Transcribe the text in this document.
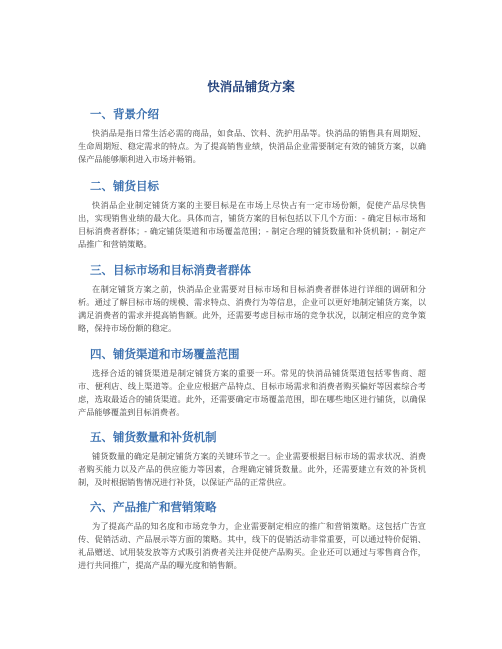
快消品铺货方案
一、背景介绍

快消品是指日常生活必需的商品，如食品、饮料、洗护用品等。快消品的销售具有周期短、生命周期短、稳定需求的特点。为了提高销售业绩，快消品企业需要制定有效的铺货方案，以确保产品能够顺利进入市场并畅销。

二、铺货目标

快消品企业制定铺货方案的主要目标是在市场上尽快占有一定市场份额，促使产品尽快售出，实现销售业绩的最大化。具体而言，铺货方案的目标包括以下几个方面：- 确定目标市场和目标消费者群体；- 确定铺货渠道和市场覆盖范围；- 制定合理的铺货数量和补货机制；- 制定产品推广和营销策略。

三、目标市场和目标消费者群体

在制定铺货方案之前，快消品企业需要对目标市场和目标消费者群体进行详细的调研和分析。通过了解目标市场的规模、需求特点、消费行为等信息，企业可以更好地制定铺货方案，以满足消费者的需求并提高销售额。此外，还需要考虑目标市场的竞争状况，以制定相应的竞争策略，保持市场份额的稳定。

四、铺货渠道和市场覆盖范围

选择合适的铺货渠道是制定铺货方案的重要一环。常见的快消品铺货渠道包括零售商、超市、便利店、线上渠道等。企业应根据产品特点、目标市场需求和消费者购买偏好等因素综合考虑，选取最适合的铺货渠道。此外，还需要确定市场覆盖范围，即在哪些地区进行铺货，以确保产品能够覆盖到目标消费者。

五、铺货数量和补货机制

铺货数量的确定是制定铺货方案的关键环节之一。企业需要根据目标市场的需求状况、消费者购买能力以及产品的供应能力等因素，合理确定铺货数量。此外，还需要建立有效的补货机制，及时根据销售情况进行补货，以保证产品的正常供应。

六、产品推广和营销策略

为了提高产品的知名度和市场竞争力，企业需要制定相应的推广和营销策略。这包括广告宣传、促销活动、产品展示等方面的策略。其中，线下的促销活动非常重要，可以通过特价促销、礼品赠送、试用装发放等方式吸引消费者关注并促使产品购买。企业还可以通过与零售商合作，进行共同推广，提高产品的曝光度和销售额。
